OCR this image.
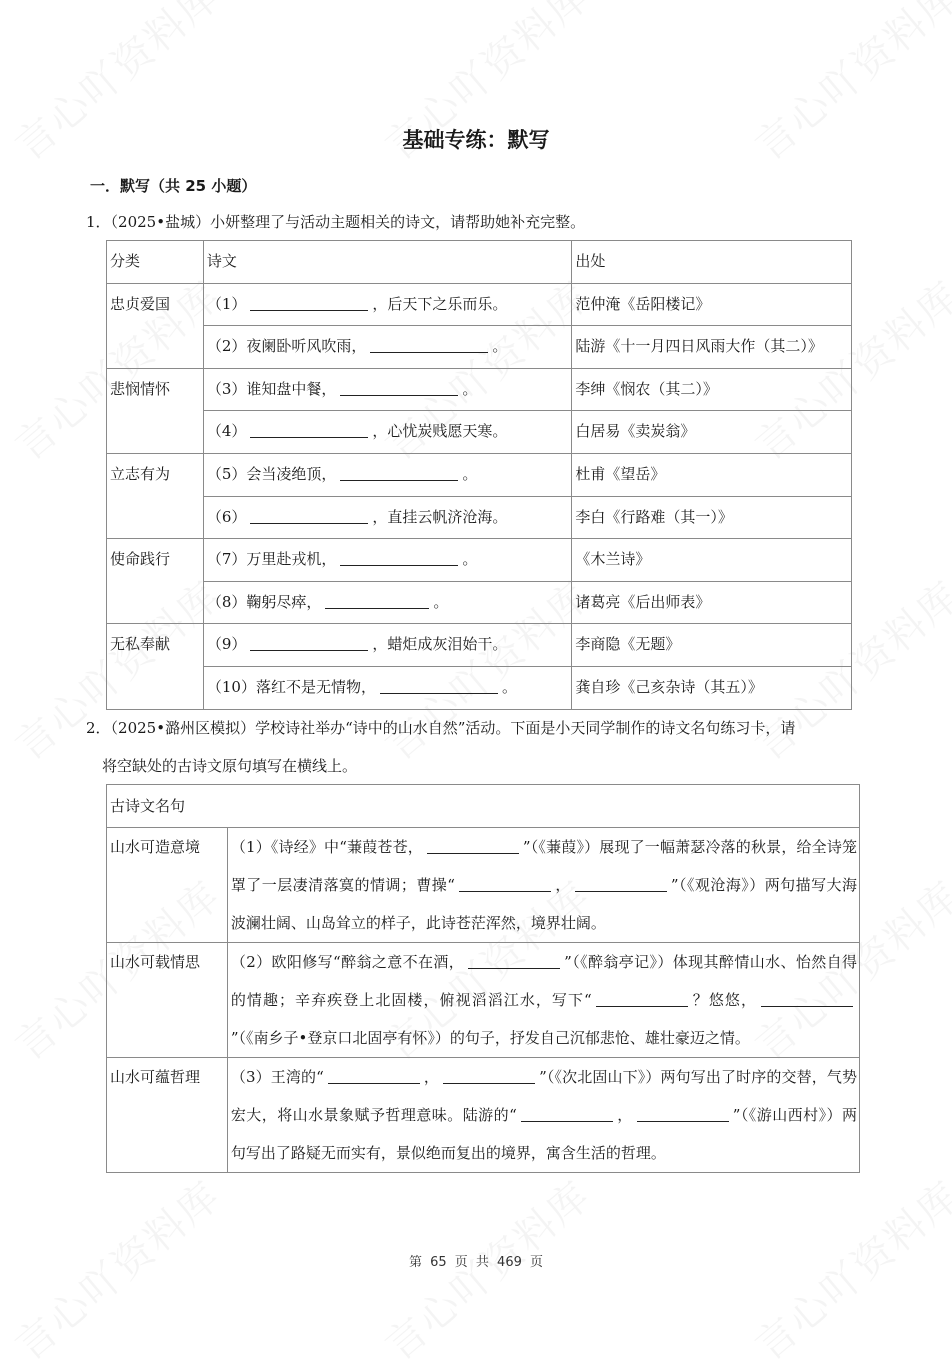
基础专练：默写
一．默写（共 25 小题）
1．（2025•盐城）小妍整理了与活动主题相关的诗文，请帮助她补充完整。
分类	诗文	出处
忠贞爱国	（1） ，后天下之乐而乐。	范仲淹《岳阳楼记》
	（2）夜阑卧听风吹雨， 。	陆游《十一月四日风雨大作（其二）》
悲悯情怀	（3）谁知盘中餐， 。	李绅《悯农（其二）》
	（4） ，心忧炭贱愿天寒。	白居易《卖炭翁》
立志有为	（5）会当凌绝顶， 。	杜甫《望岳》
	（6） ，直挂云帆济沧海。	李白《行路难（其一）》
使命践行	（7）万里赴戎机， 。	《木兰诗》
	（8）鞠躬尽瘁， 。	诸葛亮《后出师表》
无私奉献	（9） ，蜡炬成灰泪始干。	李商隐《无题》
	（10）落红不是无情物， 。	龚自珍《己亥杂诗（其五）》
2．（2025•潞州区模拟）学校诗社举办“诗中的山水自然”活动。下面是小天同学制作的诗文名句练习卡，请
将空缺处的古诗文原句填写在横线上。
古诗文名句	
山水可造意境	（1）《诗经》中“蒹葭苍苍， ”（《蒹葭》）展现了一幅萧瑟冷落的秋景，给全诗笼罩了一层凄清落寞的情调；曹操“ ， ”（《观沧海》）两句描写大海波澜壮阔、山岛耸立的样子，此诗苍茫浑然，境界壮阔。
山水可载情思	（2）欧阳修写“醉翁之意不在酒， ”（《醉翁亭记》）体现其醉情山水、怡然自得的情趣；辛弃疾登上北固楼，俯视滔滔江水，写下“ ？悠悠，”（《南乡子•登京口北固亭有怀》）的句子，抒发自己沉郁悲怆、雄壮豪迈之情。
山水可蕴哲理	（3）王湾的“ ， ”（《次北固山下》）两句写出了时序的交替，气势宏大，将山水景象赋予哲理意味。陆游的“ ， ”（《游山西村》）两句写出了路疑无而实有，景似绝而复出的境界，寓含生活的哲理。
第 65 页 共 469 页
